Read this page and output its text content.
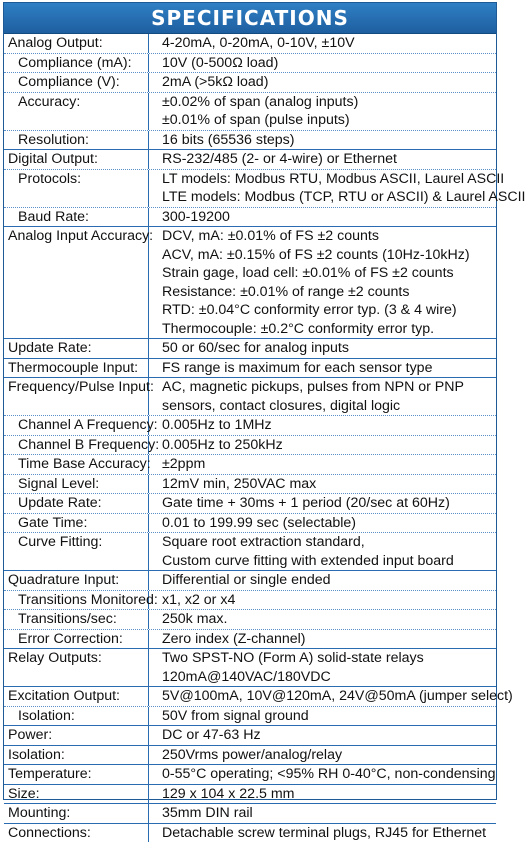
SPECIFICATIONS
Analog Output:	4-20mA, 0-20mA, 0-10V, ±10V
Compliance (mA):	10V (0-500Ω load)
Compliance (V):	2mA (>5kΩ load)
Accuracy:	±0.02% of span (analog inputs)
±0.01% of span (pulse inputs)
Resolution:	16 bits (65536 steps)
Digital Output:	RS-232/485 (2- or 4-wire) or Ethernet
Protocols:	LT models: Modbus RTU, Modbus ASCII, Laurel ASCII
LTE models: Modbus (TCP, RTU or ASCII) & Laurel ASCII
Baud Rate:	300-19200
Analog Input Accuracy: DCV, mA: ±0.01% of FS ±2 counts
ACV, mA: ±0.15% of FS ±2 counts (10Hz-10kHz)
Strain gage, load cell: ±0.01% of FS ±2 counts
Resistance: ±0.01% of range ±2 counts
RTD: ±0.04°C conformity error typ. (3 & 4 wire)
Thermocouple: ±0.2°C conformity error typ.
Update Rate:	50 or 60/sec for analog inputs
Thermocouple Input:	FS range is maximum for each sensor type
Frequency/Pulse Input: AC, magnetic pickups, pulses from NPN or PNP
sensors, contact closures, digital logic
Channel A Frequency: 0.005Hz to 1MHz
Channel B Frequency: 0.005Hz to 250kHz
Time Base Accuracy: ±2ppm
Signal Level:	12mV min, 250VAC max
Update Rate:	Gate time + 30ms + 1 period (20/sec at 60Hz)
Gate Time:	0.01 to 199.99 sec (selectable)
Curve Fitting:	Square root extraction standard,
Custom curve fitting with extended input board
Quadrature Input:	Differential or single ended
Transitions Monitored: x1, x2 or x4
Transitions/sec:	250k max.
Error Correction:	Zero index (Z-channel)
Relay Outputs:	Two SPST-NO (Form A) solid-state relays
120mA@140VAC/180VDC
Excitation Output:	5V@100mA, 10V@120mA, 24V@50mA (jumper select)
Isolation:	50V from signal ground
Power:	DC or 47-63 Hz
Isolation:	250Vrms power/analog/relay
Temperature:	0-55°C operating; <95% RH 0-40°C, non-condensing
Size:	129 x 104 x 22.5 mm
Mounting:	35mm DIN rail
Connections:	Detachable screw terminal plugs, RJ45 for Ethernet
